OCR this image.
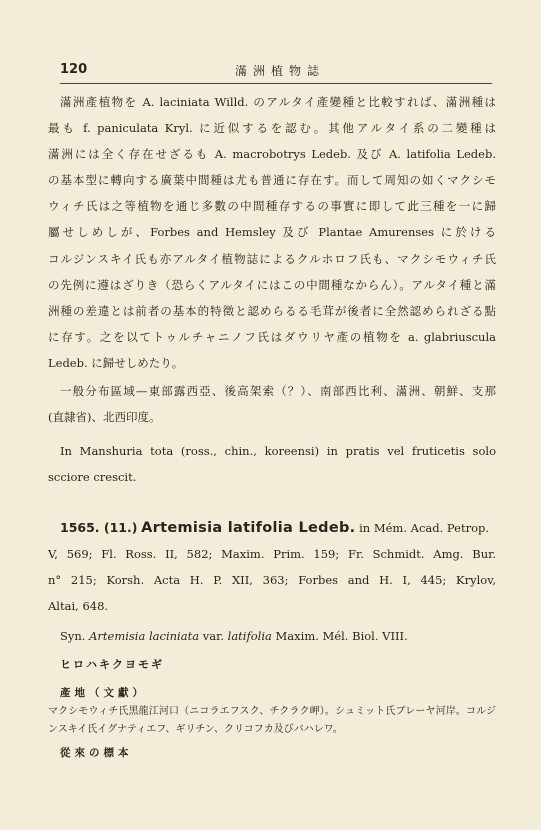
120	滿洲植物誌
滿洲產植物を A. laciniata Willd. のアルタイ產變種と比較すれば、滿洲種は
最も f. paniculata Kryl. に近似するを認む。其他アルタイ系の二變種は
滿洲には全く存在せざるも A. macrobotrys Ledeb. 及び A. latifolia Ledeb.
の基本型に轉向する廣葉中間種は尤も普通に存在す。而して周知の如くマクシモ
ウィチ氏は之等植物を通じ多數の中間種存するの事實に即して此三種を一に歸
屬せしめしが、Forbes and Hemsley 及び Plantae Amurenses に於ける
コルジンスキイ氏も亦アルタイ植物誌によるクルホロフ氏も、マクシモウィチ氏
の先例に遵はざりき（恐らくアルタイにはこの中間種なからん）。アルタイ種と滿
洲種の差違とは前者の基本的特徵と認めらるる毛茸が後者に全然認められざる點
に存す。之を以てトゥルチャニノフ氏はダウリヤ產の植物を a. glabriuscula
Ledeb. に歸せしめたり。
一般分布區域—東部露西亞、後高架索（？）、南部西比利、滿洲、朝鮮、支那
(直隷省)、北西印度。
In Manshuria tota (ross., chin., koreensi) in pratis vel fruticetis solo
scciore crescit.
1565. (11.) Artemisia latifolia Ledeb. in Mém. Acad. Petrop.
V, 569; Fl. Ross. II, 582; Maxim. Prim. 159; Fr. Schmidt. Amg. Bur.
n° 215; Korsh. Acta H. P. XII, 363; Forbes and H. I, 445; Krylov,
Altai, 648.
Syn. Artemisia laciniata var. latifolia Maxim. Mél. Biol. VIII.
ヒロハキクヨモギ
產地（文獻）
マクシモウィチ氏黑龍江河口（ニコラエフスク、チクラク岬）。シュミット氏ブレーヤ河岸。コルジ
ンスキイ氏イグナティエフ、ギリチン、クリコフカ及びバハレワ。
從來の標本
